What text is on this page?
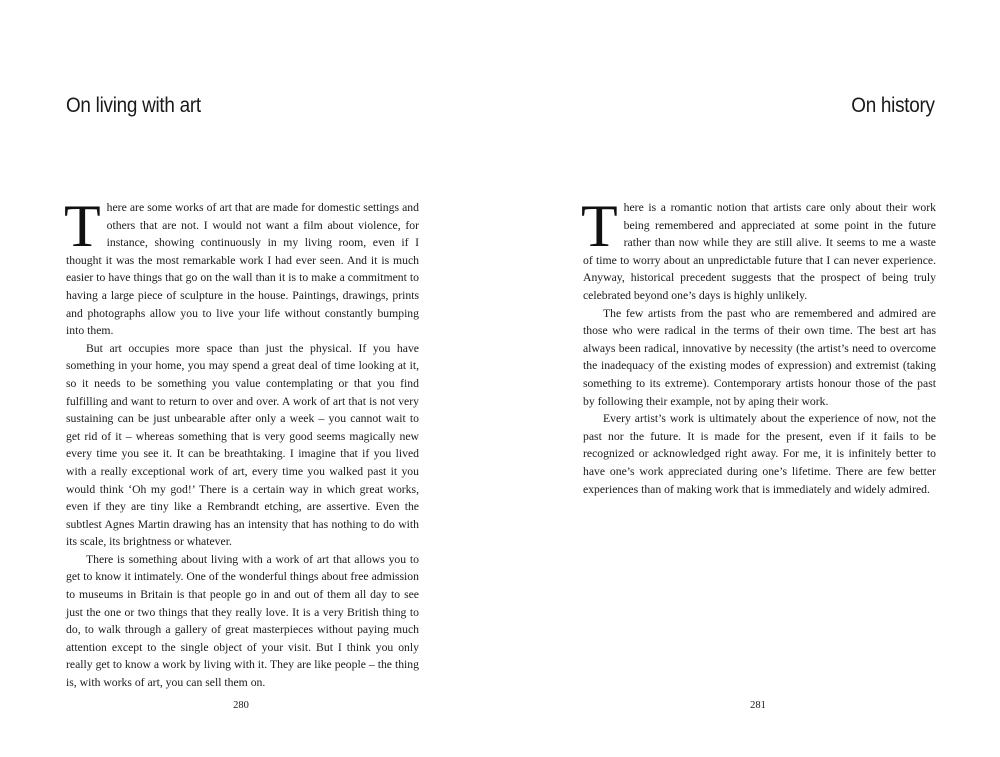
On living with art

There are some works of art that are made for domestic settings and others that are not. I would not want a film about violence, for instance, showing continuously in my living room, even if I thought it was the most remarkable work I had ever seen. And it is much easier to have things that go on the wall than it is to make a commitment to having a large piece of sculpture in the house. Paintings, drawings, prints and photographs allow you to live your life without constantly bumping into them.

But art occupies more space than just the physical. If you have something in your home, you may spend a great deal of time looking at it, so it needs to be something you value contemplating or that you find fulfilling and want to return to over and over. A work of art that is not very sustaining can be just unbearable after only a week – you cannot wait to get rid of it – whereas something that is very good seems magically new every time you see it. It can be breathtaking. I imagine that if you lived with a really exceptional work of art, every time you walked past it you would think ‘Oh my god!’ There is a certain way in which great works, even if they are tiny like a Rembrandt etching, are assertive. Even the subtlest Agnes Martin drawing has an intensity that has nothing to do with its scale, its brightness or whatever.

There is something about living with a work of art that allows you to get to know it intimately. One of the wonderful things about free admission to museums in Britain is that people go in and out of them all day to see just the one or two things that they really love. It is a very British thing to do, to walk through a gallery of great masterpieces without paying much attention except to the single object of your visit. But I think you only really get to know a work by living with it. They are like people – the thing is, with works of art, you can sell them on.

280
On history

There is a romantic notion that artists care only about their work being remembered and appreciated at some point in the future rather than now while they are still alive. It seems to me a waste of time to worry about an unpredictable future that I can never experience. Anyway, historical precedent suggests that the prospect of being truly celebrated beyond one’s days is highly unlikely.

The few artists from the past who are remembered and admired are those who were radical in the terms of their own time. The best art has always been radical, innovative by necessity (the artist’s need to overcome the inadequacy of the existing modes of expression) and extremist (taking something to its extreme). Contemporary artists honour those of the past by following their example, not by aping their work.

Every artist’s work is ultimately about the experience of now, not the past nor the future. It is made for the present, even if it fails to be recognized or acknowledged right away. For me, it is infinitely better to have one’s work appreciated during one’s lifetime. There are few better experiences than of making work that is immediately and widely admired.

281
